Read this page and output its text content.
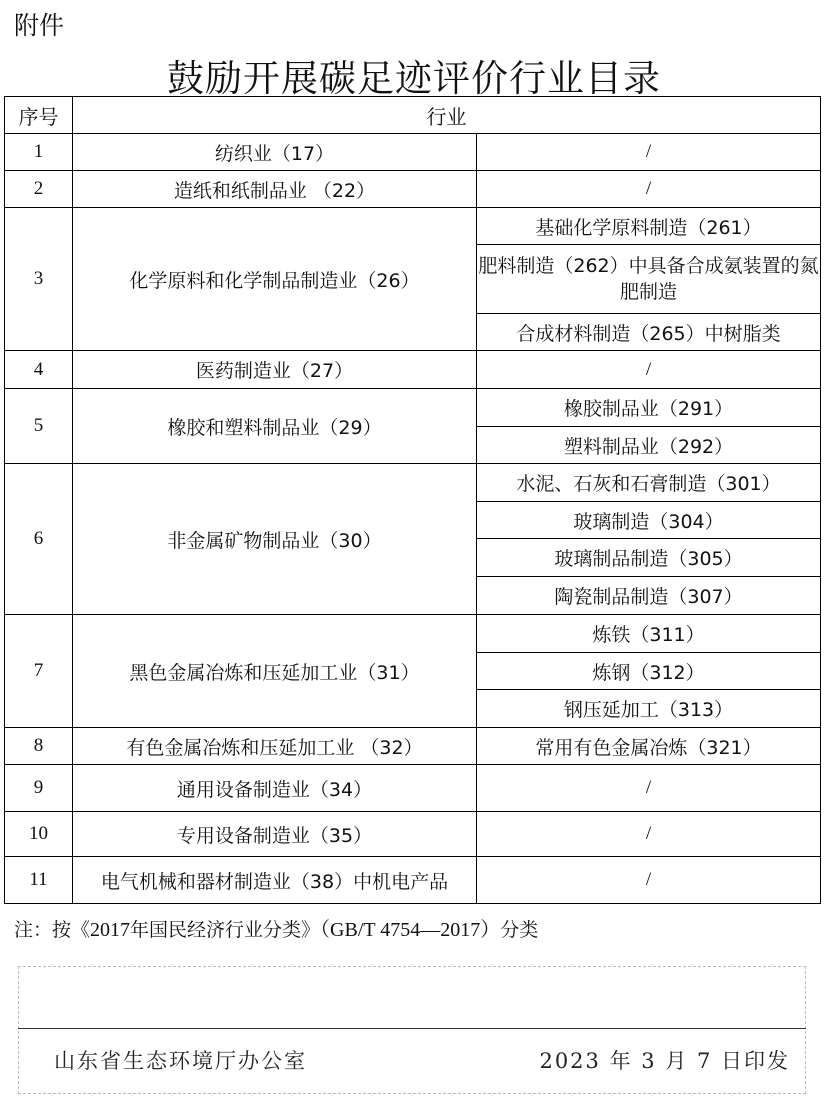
附件
鼓励开展碳足迹评价行业目录
序号	行业	
1	纺织业（17）	/
2	造纸和纸制品业 （22）	/
3	化学原料和化学制品制造业（26）	基础化学原料制造（261）
		肥料制造（262）中具备合成氨装置的氮肥制造
		合成材料制造（265）中树脂类
4	医药制造业（27）	/
5	橡胶和塑料制品业（29）	橡胶制品业（291）
		塑料制品业（292）
6	非金属矿物制品业（30）	水泥、石灰和石膏制造（301）
		玻璃制造（304）
		玻璃制品制造（305）
		陶瓷制品制造（307）
7	黑色金属冶炼和压延加工业（31）	炼铁（311）
		炼钢（312）
		钢压延加工（313）
8	有色金属冶炼和压延加工业 （32）	常用有色金属冶炼（321）
9	通用设备制造业（34）	/
10	专用设备制造业（35）	/
11	电气机械和器材制造业（38）中机电产品	/
注：按《2017年国民经济行业分类》（GB/T 4754—2017）分类
山东省生态环境厅办公室	2023 年 3 月 7 日印发
